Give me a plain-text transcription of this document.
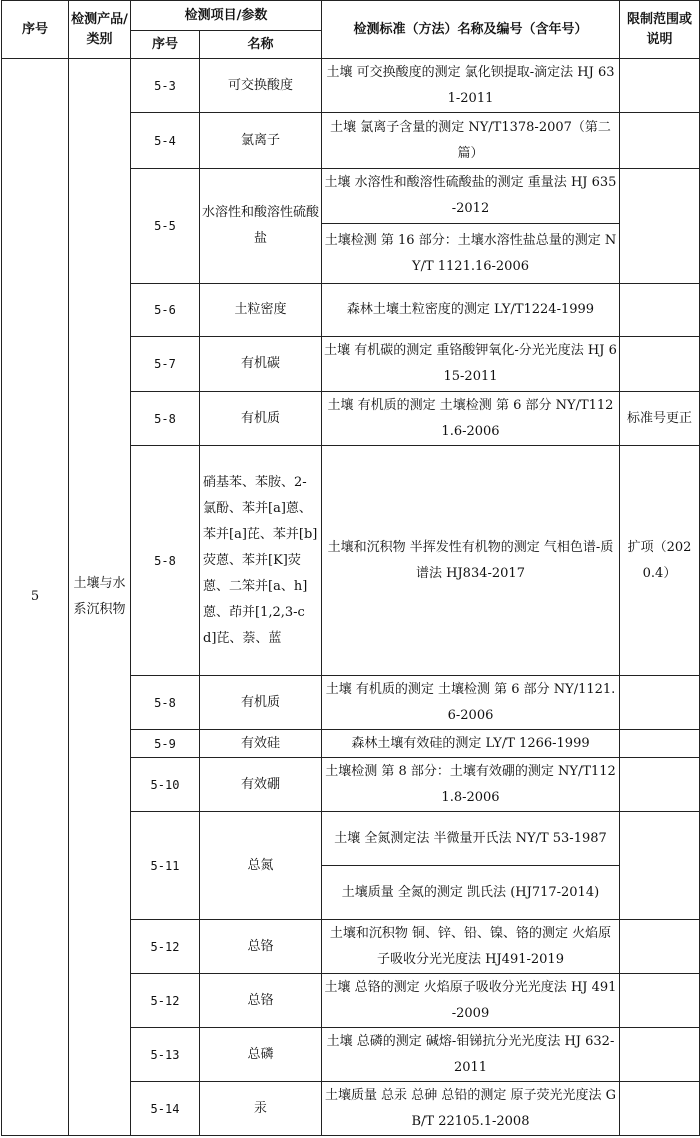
序号	检测产品/类别	检测项目/参数		检测标准（方法）名称及编号（含年号）	限制范围或说明
		序号	名称		
5	土壤与水系沉积物	5-3	可交换酸度	土壤 可交换酸度的测定 氯化钡提取-滴定法 HJ 631-2011	
		5-4	氯离子	土壤 氯离子含量的测定 NY/T1378-2007（第二篇）	
		5-5	水溶性和酸溶性硫酸盐	土壤 水溶性和酸溶性硫酸盐的测定 重量法 HJ 635-2012	
				土壤检测 第 16 部分：土壤水溶性盐总量的测定 NY/T 1121.16-2006	
		5-6	土粒密度	森林土壤土粒密度的测定 LY/T1224-1999	
		5-7	有机碳	土壤 有机碳的测定 重铬酸钾氧化-分光光度法 HJ 615-2011	
		5-8	有机质	土壤 有机质的测定 土壤检测 第 6 部分 NY/T1121.6-2006	标准号更正
		5-8	硝基苯、苯胺、2-氯酚、苯并[a]蒽、苯并[a]芘、苯并[b]荧蒽、苯并[K]荧蒽、二笨并[a、h]蒽、茚并[1,2,3-cd]芘、萘、蓝	土壤和沉积物 半挥发性有机物的测定 气相色谱-质谱法 HJ834-2017	扩项（2020.4）
		5-8	有机质	土壤 有机质的测定 土壤检测 第 6 部分 NY/1121.6-2006	
		5-9	有效硅	森林土壤有效硅的测定 LY/T 1266-1999	
		5-10	有效硼	土壤检测 第 8 部分：土壤有效硼的测定 NY/T1121.8-2006	
		5-11	总氮	土壤 全氮测定法 半微量开氏法 NY/T 53-1987	
				土壤质量 全氮的测定 凯氏法 (HJ717-2014)	
		5-12	总铬	土壤和沉积物 铜、锌、铅、镍、铬的测定 火焰原子吸收分光光度法 HJ491-2019	
		5-12	总铬	土壤 总铬的测定 火焰原子吸收分光光度法 HJ 491-2009	
		5-13	总磷	土壤 总磷的测定 碱熔-钼锑抗分光光度法 HJ 632-2011	
		5-14	汞	土壤质量 总汞 总砷 总铅的测定 原子荧光光度法 GB/T 22105.1-2008	
